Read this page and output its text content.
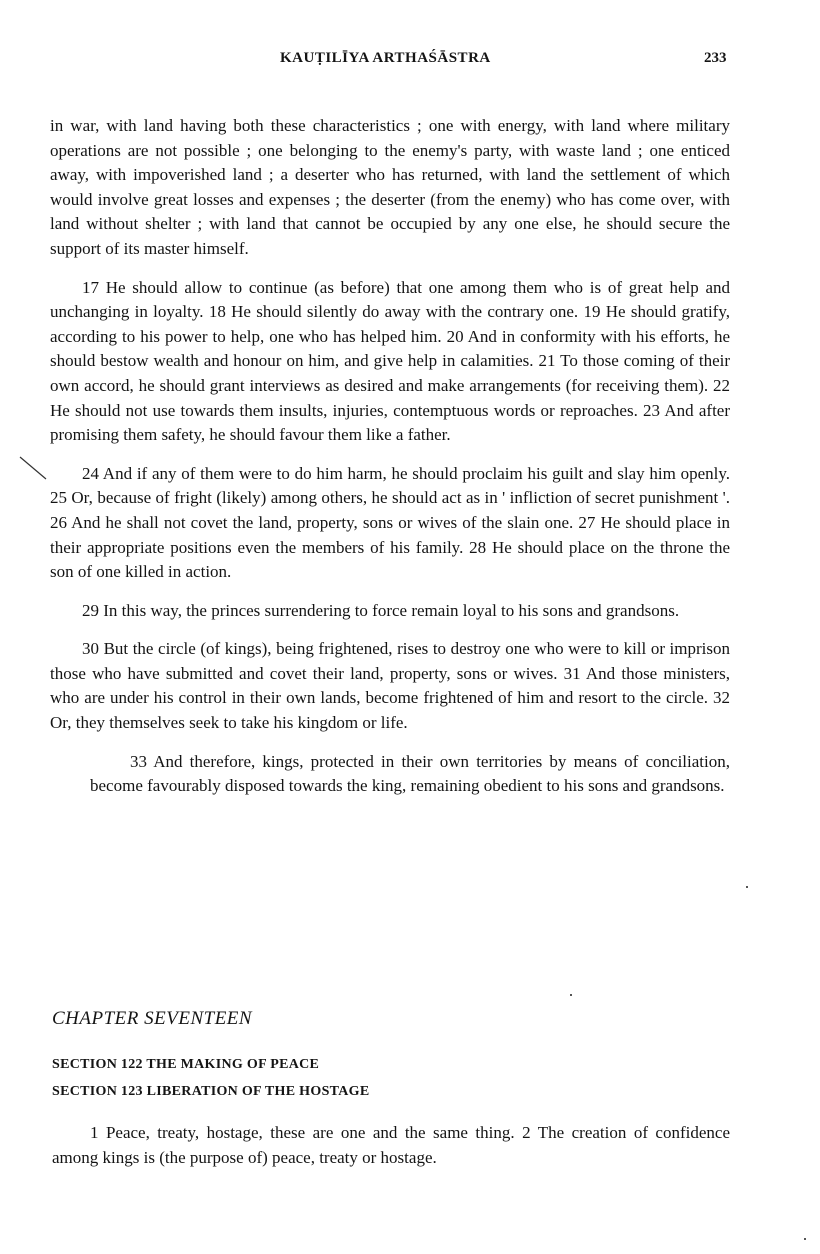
KAUṬILĪYA ARTHAŚĀSTRA	233

in war, with land having both these characteristics ; one with energy, with land where military operations are not possible ; one belonging to the enemy's party, with waste land ; one enticed away, with impoverished land ; a deserter who has returned, with land the settlement of which would involve great losses and expenses ; the deserter (from the enemy) who has come over, with land without shelter ; with land that cannot be occupied by any one else, he should secure the support of its master himself.

17 He should allow to continue (as before) that one among them who is of great help and unchanging in loyalty. 18 He should silently do away with the contrary one. 19 He should gratify, according to his power to help, one who has helped him. 20 And in conformity with his efforts, he should bestow wealth and honour on him, and give help in calamities. 21 To those coming of their own accord, he should grant interviews as desired and make arrangements (for receiving them). 22 He should not use towards them insults, injuries, contemptuous words or reproaches. 23 And after promising them safety, he should favour them like a father.

24 And if any of them were to do him harm, he should proclaim his guilt and slay him openly. 25 Or, because of fright (likely) among others, he should act as in ' infliction of secret punishment '. 26 And he shall not covet the land, property, sons or wives of the slain one. 27 He should place in their appropriate positions even the members of his family. 28 He should place on the throne the son of one killed in action.

29 In this way, the princes surrendering to force remain loyal to his sons and grandsons.

30 But the circle (of kings), being frightened, rises to destroy one who were to kill or imprison those who have submitted and covet their land, property, sons or wives. 31 And those ministers, who are under his control in their own lands, become frightened of him and resort to the circle. 32 Or, they themselves seek to take his kingdom or life.

33 And therefore, kings, protected in their own territories by means of conciliation, become favourably disposed towards the king, remaining obedient to his sons and grandsons.

CHAPTER SEVENTEEN
SECTION 122 THE MAKING OF PEACE
SECTION 123 LIBERATION OF THE HOSTAGE

1 Peace, treaty, hostage, these are one and the same thing. 2 The creation of confidence among kings is (the purpose of) peace, treaty or hostage.
